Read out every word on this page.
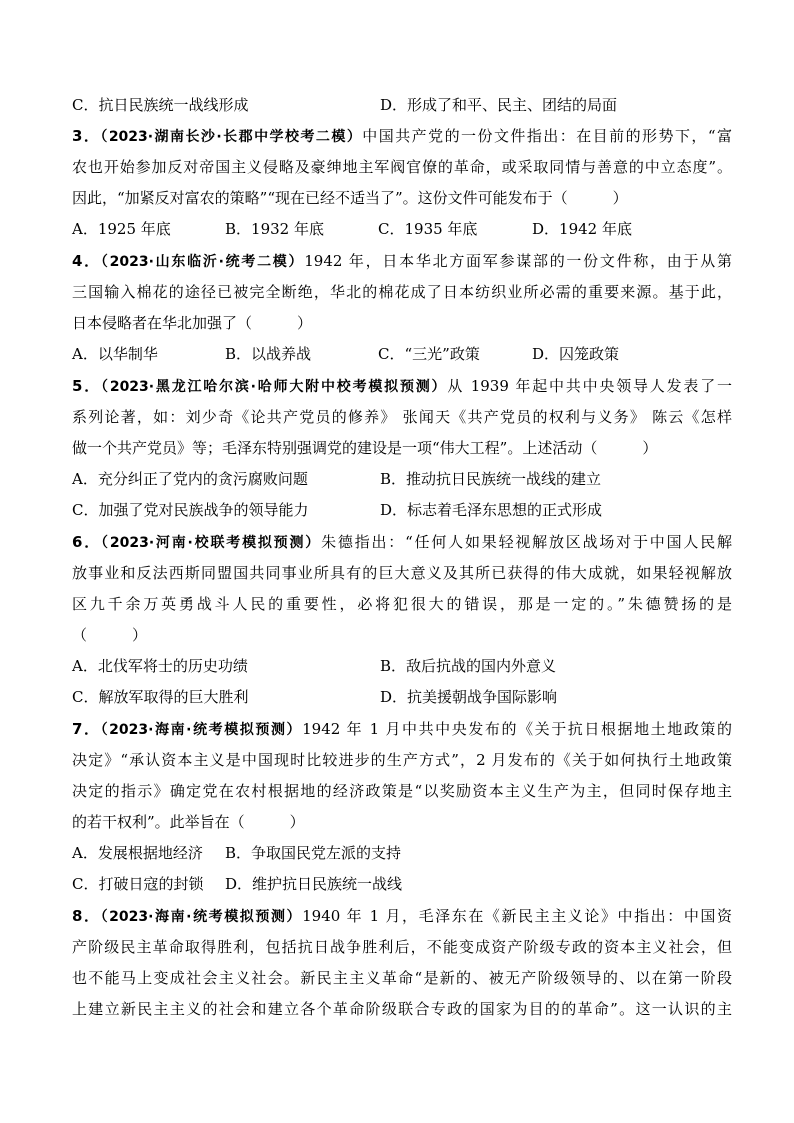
C．抗日民族统一战线形成	D．形成了和平、民主、团结的局面
3．（2023·湖南长沙·长郡中学校考二模）中国共产党的一份文件指出：在目前的形势下，“富
农也开始参加反对帝国主义侵略及豪绅地主军阀官僚的革命，或采取同情与善意的中立态度”。
因此，“加紧反对富农的策略”“现在已经不适当了”。这份文件可能发布于（　　　）
A．1925 年底	B．1932 年底	C．1935 年底	D．1942 年底
4．（2023·山东临沂·统考二模）1942 年，日本华北方面军参谋部的一份文件称，由于从第
三国输入棉花的途径已被完全断绝，华北的棉花成了日本纺织业所必需的重要来源。基于此，
日本侵略者在华北加强了（　　　）
A．以华制华	B．以战养战	C．“三光”政策	D．囚笼政策
5．（2023·黑龙江哈尔滨·哈师大附中校考模拟预测）从 1939 年起中共中央领导人发表了一
系列论著，如：刘少奇《论共产党员的修养》 张闻天《共产党员的权利与义务》 陈云《怎样
做一个共产党员》等；毛泽东特别强调党的建设是一项“伟大工程”。上述活动（　　　）
A．充分纠正了党内的贪污腐败问题	B．推动抗日民族统一战线的建立
C．加强了党对民族战争的领导能力	D．标志着毛泽东思想的正式形成
6．（2023·河南·校联考模拟预测）朱德指出：“任何人如果轻视解放区战场对于中国人民解
放事业和反法西斯同盟国共同事业所具有的巨大意义及其所已获得的伟大成就，如果轻视解放
区九千余万英勇战斗人民的重要性，必将犯很大的错误，那是一定的。”朱德赞扬的是
（　　　）
A．北伐军将士的历史功绩	B．敌后抗战的国内外意义
C．解放军取得的巨大胜利	D．抗美援朝战争国际影响
7．（2023·海南·统考模拟预测）1942 年 1 月中共中央发布的《关于抗日根据地土地政策的
决定》“承认资本主义是中国现时比较进步的生产方式”，2 月发布的《关于如何执行土地政策
决定的指示》确定党在农村根据地的经济政策是“以奖励资本主义生产为主，但同时保存地主
的若干权利”。此举旨在（　　　）
A．发展根据地经济 B．争取国民党左派的支持
C．打破日寇的封锁 D．维护抗日民族统一战线
8．（2023·海南·统考模拟预测）1940 年 1 月，毛泽东在《新民主主义论》中指出：中国资
产阶级民主革命取得胜利，包括抗日战争胜利后，不能变成资产阶级专政的资本主义社会，但
也不能马上变成社会主义社会。新民主主义革命“是新的、被无产阶级领导的、以在第一阶段
上建立新民主主义的社会和建立各个革命阶级联合专政的国家为目的的革命”。这一认识的主
